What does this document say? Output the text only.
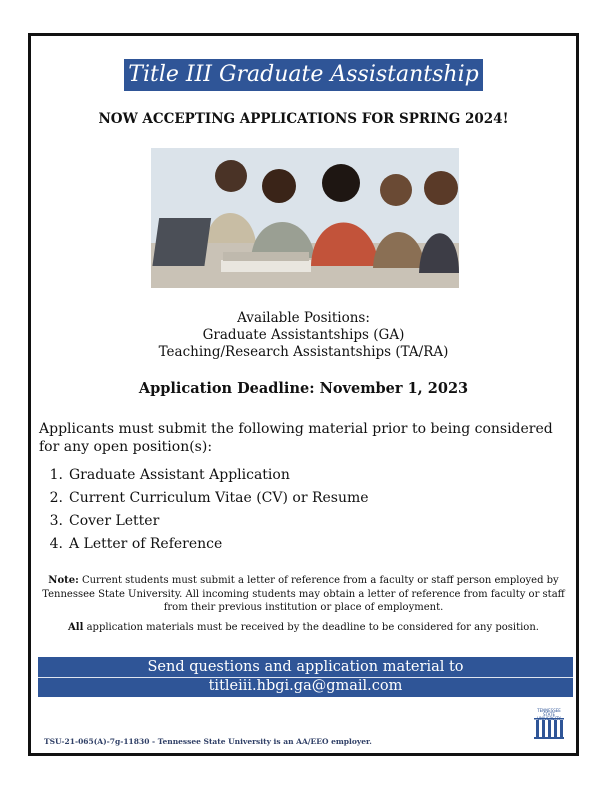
Title III Graduate Assistantship
NOW ACCEPTING APPLICATIONS FOR SPRING 2024!
Available Positions:
Graduate Assistantships (GA)
Teaching/Research Assistantships (TA/RA)
Application Deadline: November 1, 2023
Applicants must submit the following material prior to being considered for any open position(s):
1. Graduate Assistant Application
2. Current Curriculum Vitae (CV) or Resume
3. Cover Letter
4. A Letter of Reference
Note: Current students must submit a letter of reference from a faculty or staff person employed by Tennessee State University. All incoming students may obtain a letter of reference from faculty or staff from their previous institution or place of employment.
All application materials must be received by the deadline to be considered for any position.
Send questions and application material to
titleiii.hbgi.ga@gmail.com
TENNESSEE STATE UNIVERSITY
TSU-21-065(A)-7g-11830 - Tennessee State University is an AA/EEO employer.
